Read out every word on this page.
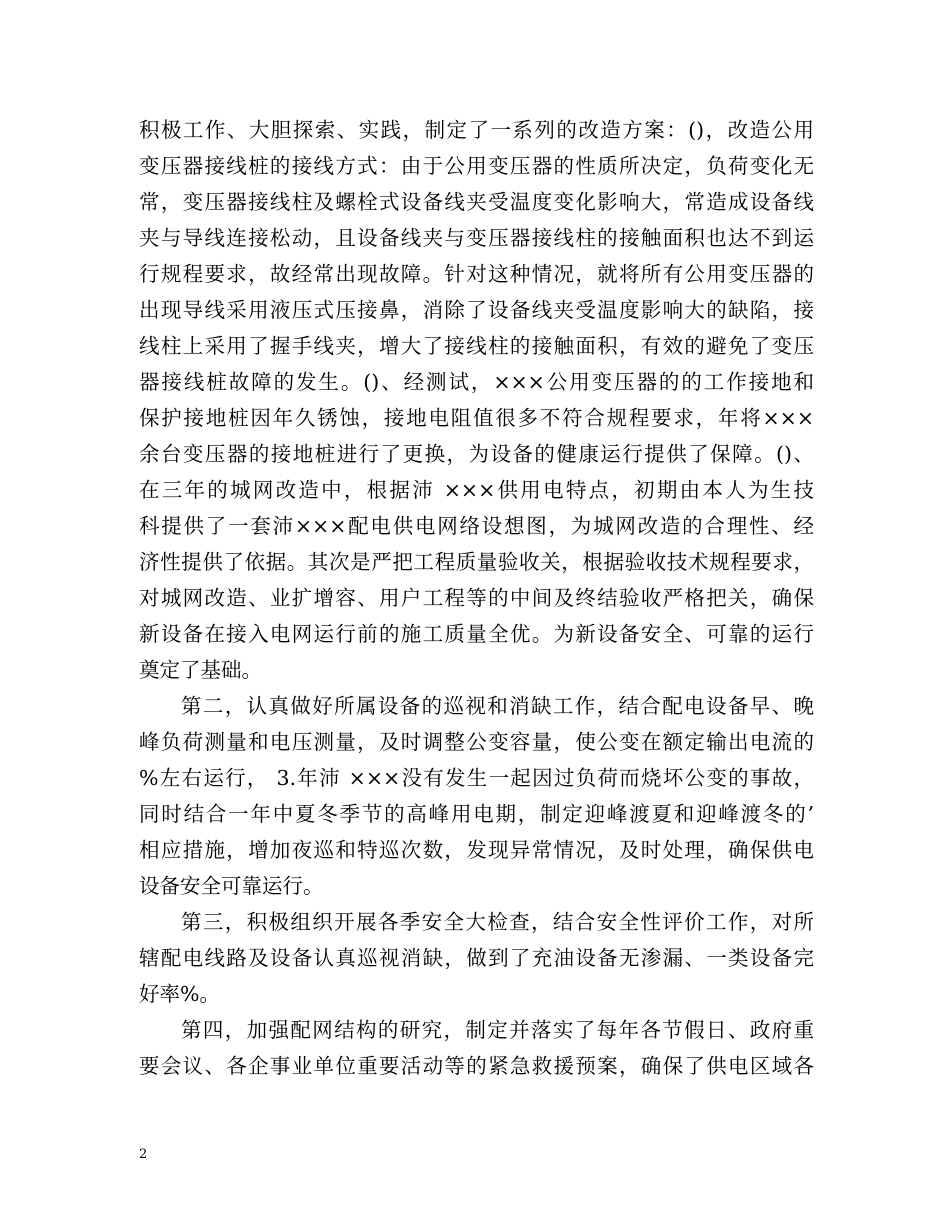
积极工作、大胆探索、实践，制定了一系列的改造方案：()，改造公用
变压器接线桩的接线方式：由于公用变压器的性质所决定，负荷变化无
常，变压器接线柱及螺栓式设备线夹受温度变化影响大，常造成设备线
夹与导线连接松动，且设备线夹与变压器接线柱的接触面积也达不到运
行规程要求，故经常出现故障。针对这种情况，就将所有公用变压器的
出现导线采用液压式压接鼻，消除了设备线夹受温度影响大的缺陷，接
线柱上采用了握手线夹，增大了接线柱的接触面积，有效的避免了变压
器接线桩故障的发生。()、经测试，×××公用变压器的的工作接地和
保护接地桩因年久锈蚀，接地电阻值很多不符合规程要求，年将×××
余台变压器的接地桩进行了更换，为设备的健康运行提供了保障。()、
在三年的城网改造中，根据沛 ×××供用电特点，初期由本人为生技
科提供了一套沛×××配电供电网络设想图，为城网改造的合理性、经
济性提供了依据。其次是严把工程质量验收关，根据验收技术规程要求，
对城网改造、业扩增容、用户工程等的中间及终结验收严格把关，确保
新设备在接入电网运行前的施工质量全优。为新设备安全、可靠的运行
奠定了基础。
第二，认真做好所属设备的巡视和消缺工作，结合配电设备早、晚
峰负荷测量和电压测量，及时调整公变容量，使公变在额定输出电流的
%左右运行， 3.年沛 ×××没有发生一起因过负荷而烧坏公变的事故，
同时结合一年中夏冬季节的高峰用电期，制定迎峰渡夏和迎峰渡冬的’
相应措施，增加夜巡和特巡次数，发现异常情况，及时处理，确保供电
设备安全可靠运行。
第三，积极组织开展各季安全大检查，结合安全性评价工作，对所
辖配电线路及设备认真巡视消缺，做到了充油设备无渗漏、一类设备完
好率%。
第四，加强配网结构的研究，制定并落实了每年各节假日、政府重
要会议、各企事业单位重要活动等的紧急救援预案，确保了供电区域各
2
